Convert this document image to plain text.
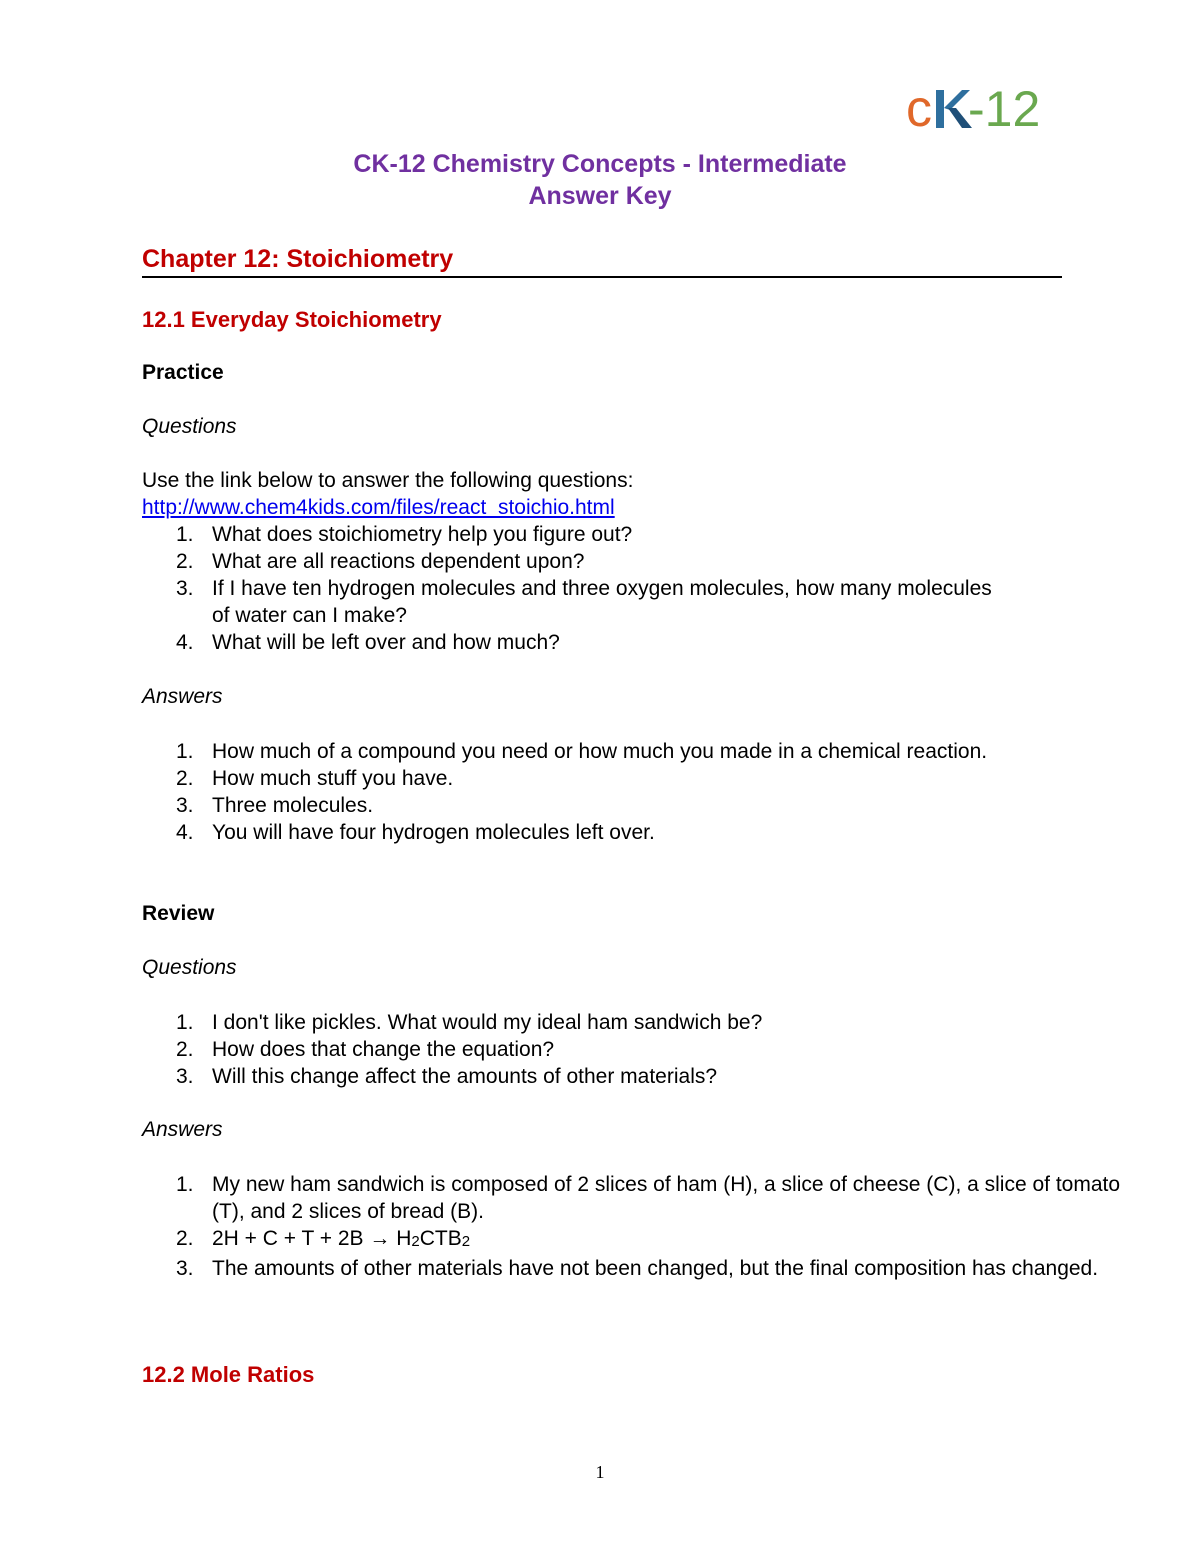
c -12
CK-12 Chemistry Concepts - Intermediate
Answer Key
Chapter 12: Stoichiometry
12.1 Everyday Stoichiometry
Practice
Questions
Use the link below to answer the following questions:
http://www.chem4kids.com/files/react_stoichio.html
1. What does stoichiometry help you figure out?
2. What are all reactions dependent upon?
3. If I have ten hydrogen molecules and three oxygen molecules, how many molecules of water can I make?
4. What will be left over and how much?
Answers
1. How much of a compound you need or how much you made in a chemical reaction.
2. How much stuff you have.
3. Three molecules.
4. You will have four hydrogen molecules left over.
Review
Questions
1. I don't like pickles. What would my ideal ham sandwich be?
2. How does that change the equation?
3. Will this change affect the amounts of other materials?
Answers
1. My new ham sandwich is composed of 2 slices of ham (H), a slice of cheese (C), a slice of tomato (T), and 2 slices of bread (B).
2. $2H + C + T + 2B \to H_2CTB_2$
3. The amounts of other materials have not been changed, but the final composition has changed.
12.2 Mole Ratios
1
